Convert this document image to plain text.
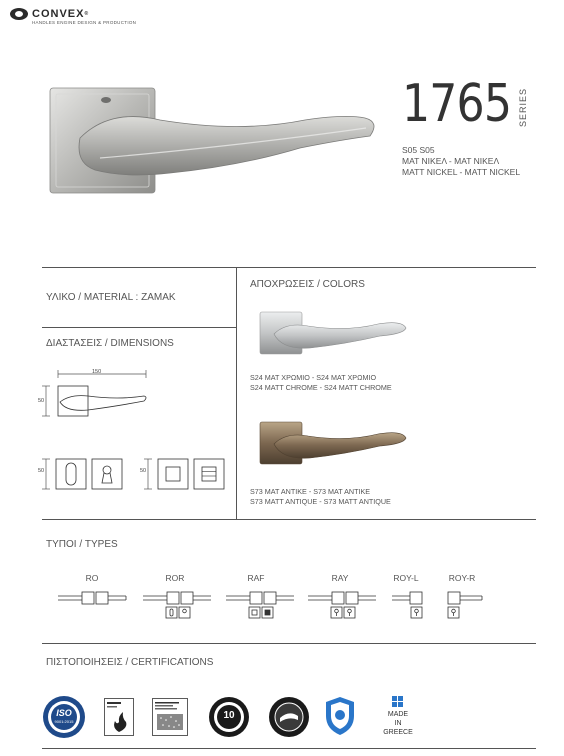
CONVEX ®
HANDLES ENGINE DESIGN & PRODUCTION
1765 SERIES
S05 S05
ΜΑΤ ΝΙΚΕΛ - ΜΑΤ ΝΙΚΕΛ
MATT NICKEL - MATT NICKEL
ΥΛΙΚΟ / MATERIAL : ZAMAK
ΔΙΑΣΤΑΣΕΙΣ / DIMENSIONS
150
50
50	50
ΑΠΟΧΡΩΣΕΙΣ / COLORS
S24 ΜΑΤ ΧΡΩΜΙΟ - S24 ΜΑΤ ΧΡΩΜΙΟ
S24 MATT CHROME - S24 MATT CHROME
S73 MAT ANTIKE - S73 MAT ANTIKE
S73 MATT ANTIQUE - S73 MATT ANTIQUE
ΤΥΠΟΙ / TYPES
RO	ROR	RAF	RAY	ROY-L	ROY-R
ΠΙΣΤΟΠΟΙΗΣΕΙΣ / CERTIFICATIONS
ISO
9001:2015
10	MADE
IN
GREECE
